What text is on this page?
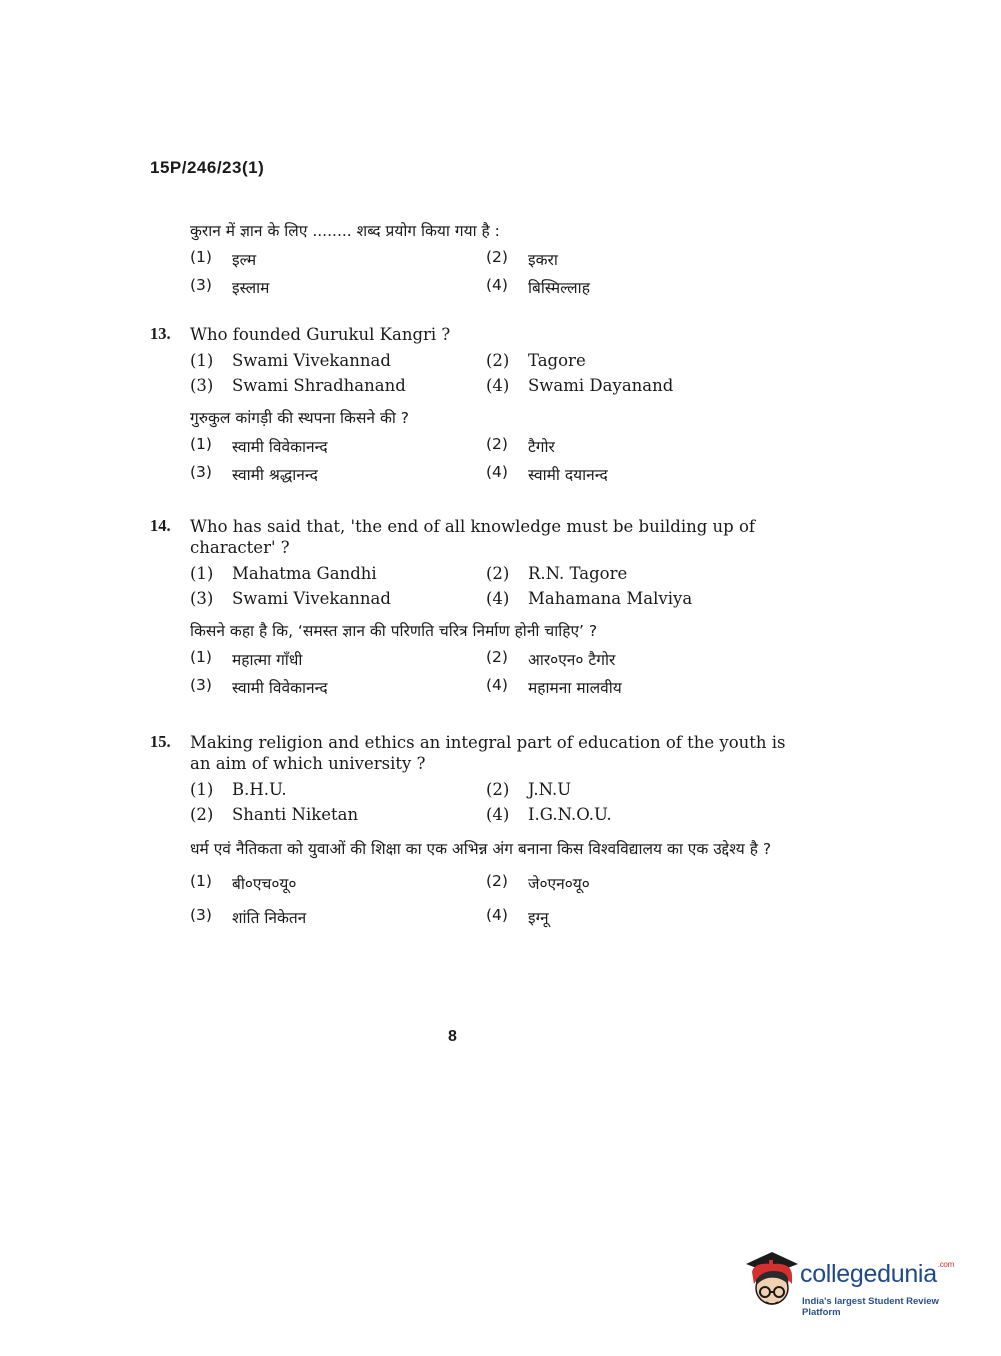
15P/246/23(1)
कुरान में ज्ञान के लिए ........ शब्द प्रयोग किया गया है :
(1)	इल्म	(2)	इकरा
(3)	इस्लाम	(4)	बिस्मिल्लाह
13. Who founded Gurukul Kangri ?
(1)	Swami Vivekannad	(2)	Tagore
(3)	Swami Shradhanand	(4)	Swami Dayanand
गुरुकुल कांगड़ी की स्थपना किसने की ?
(1)	स्वामी विवेकानन्द	(2)	टैगोर
(3)	स्वामी श्रद्धानन्द	(4)	स्वामी दयानन्द
14. Who has said that, 'the end of all knowledge must be building up of character' ?
(1)	Mahatma Gandhi	(2)	R.N. Tagore
(3)	Swami Vivekannad	(4)	Mahamana Malviya
किसने कहा है कि, ‘समस्त ज्ञान की परिणति चरित्र निर्माण होनी चाहिए’ ?
(1)	महात्मा गाँधी	(2)	आर०एन० टैगोर
(3)	स्वामी विवेकानन्द	(4)	महामना मालवीय
15. Making religion and ethics an integral part of education of the youth is an aim of which university ?
(1)	B.H.U.	(2)	J.N.U
(2)	Shanti Niketan	(4)	I.G.N.O.U.
धर्म एवं नैतिकता को युवाओं की शिक्षा का एक अभिन्न अंग बनाना किस विश्वविद्यालय का एक उद्देश्य है ?
(1)	बी०एच०यू०	(2)	जे०एन०यू०
(3)	शांति निकेतन	(4)	इग्नू
8
collegedunia$^{.com}$
India's largest Student Review Platform
